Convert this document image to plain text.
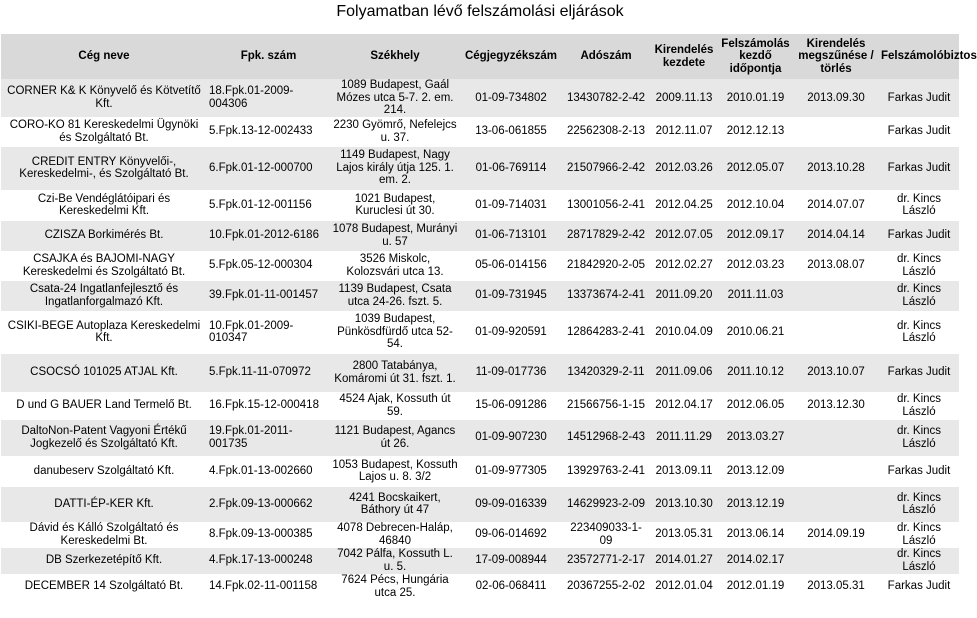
Folyamatban lévő felszámolási eljárások
Cég neve	Fpk. szám	Székhely	Cégjegyzékszám	Adószám	Kirendelés kezdete	Felszámolás kezdő időpontja	Kirendelés megszűnése / törlés	Felszámolóbiztos
CORNER K& K Könyvelő és Kötvetítő Kft.	18.Fpk.01-2009-004306	1089 Budapest, Gaál Mózes utca 5-7. 2. em. 214.	01-09-734802	13430782-2-42	2009.11.13	2010.01.19	2013.09.30	Farkas Judit
CORO-KO 81 Kereskedelmi Ügynöki és Szolgáltató Bt.	5.Fpk.13-12-002433	2230 Gyömrő, Nefelejcs u. 37.	13-06-061855	22562308-2-13	2012.11.07	2012.12.13		Farkas Judit
CREDIT ENTRY Könyvelői-, Kereskedelmi-, és Szolgáltató Bt.	6.Fpk.01-12-000700	1149 Budapest, Nagy Lajos király útja 125. 1. em. 2.	01-06-769114	21507966-2-42	2012.03.26	2012.05.07	2013.10.28	Farkas Judit
Czi-Be Vendéglátóipari és Kereskedelmi Kft.	5.Fpk.01-12-001156	1021 Budapest, Kuruclesi út 30.	01-09-714031	13001056-2-41	2012.04.25	2012.10.04	2014.07.07	dr. Kincs László
CZISZA Borkimérés Bt.	10.Fpk.01-2012-6186	1078 Budapest, Murányi u. 57	01-06-713101	28717829-2-42	2012.07.05	2012.09.17	2014.04.14	Farkas Judit
CSAJKA és BAJOMI-NAGY Kereskedelmi és Szolgáltató Bt.	5.Fpk.05-12-000304	3526 Miskolc, Kolozsvári utca 13.	05-06-014156	21842920-2-05	2012.02.27	2012.03.23	2013.08.07	dr. Kincs László
Csata-24 Ingatlanfejlesztő és Ingatlanforgalmazó Kft.	39.Fpk.01-11-001457	1139 Budapest, Csata utca 24-26. fszt. 5.	01-09-731945	13373674-2-41	2011.09.20	2011.11.03		dr. Kincs László
CSIKI-BEGE Autoplaza Kereskedelmi Kft.	10.Fpk.01-2009-010347	1039 Budapest, Pünkösdfürdő utca 52-54.	01-09-920591	12864283-2-41	2010.04.09	2010.06.21		dr. Kincs László
CSOCSÓ 101025 ATJAL Kft.	5.Fpk.11-11-070972	2800 Tatabánya, Komáromi út 31. fszt. 1.	11-09-017736	13420329-2-11	2011.09.06	2011.10.12	2013.10.07	Farkas Judit
D und G BAUER Land Termelő Bt.	16.Fpk.15-12-000418	4524 Ajak, Kossuth út 59.	15-06-091286	21566756-1-15	2012.04.17	2012.06.05	2013.12.30	dr. Kincs László
DaltoNon-Patent Vagyoni Értékű Jogkezelő és Szolgáltató Kft.	19.Fpk.01-2011-001735	1121 Budapest, Agancs út 26.	01-09-907230	14512968-2-43	2011.11.29	2013.03.27		dr. Kincs László
danubeserv Szolgáltató Kft.	4.Fpk.01-13-002660	1053 Budapest, Kossuth Lajos u. 8. 3/2	01-09-977305	13929763-2-41	2013.09.11	2013.12.09		Farkas Judit
DATTI-ÉP-KER Kft.	2.Fpk.09-13-000662	4241 Bocskaikert, Báthory út 47	09-09-016339	14629923-2-09	2013.10.30	2013.12.19		dr. Kincs László
Dávid és Kálló Szolgáltató és Kereskedelmi Bt.	8.Fpk.09-13-000385	4078 Debrecen-Haláp, 46840	09-06-014692	223409033-1-09	2013.05.31	2013.06.14	2014.09.19	dr. Kincs László
DB Szerkezetépítő Kft.	4.Fpk.17-13-000248	7042 Pálfa, Kossuth L. u. 5.	17-09-008944	23572771-2-17	2014.01.27	2014.02.17		dr. Kincs László
DECEMBER 14 Szolgáltató Bt.	14.Fpk.02-11-001158	7624 Pécs, Hungária utca 25.	02-06-068411	20367255-2-02	2012.01.04	2012.01.19	2013.05.31	Farkas Judit
